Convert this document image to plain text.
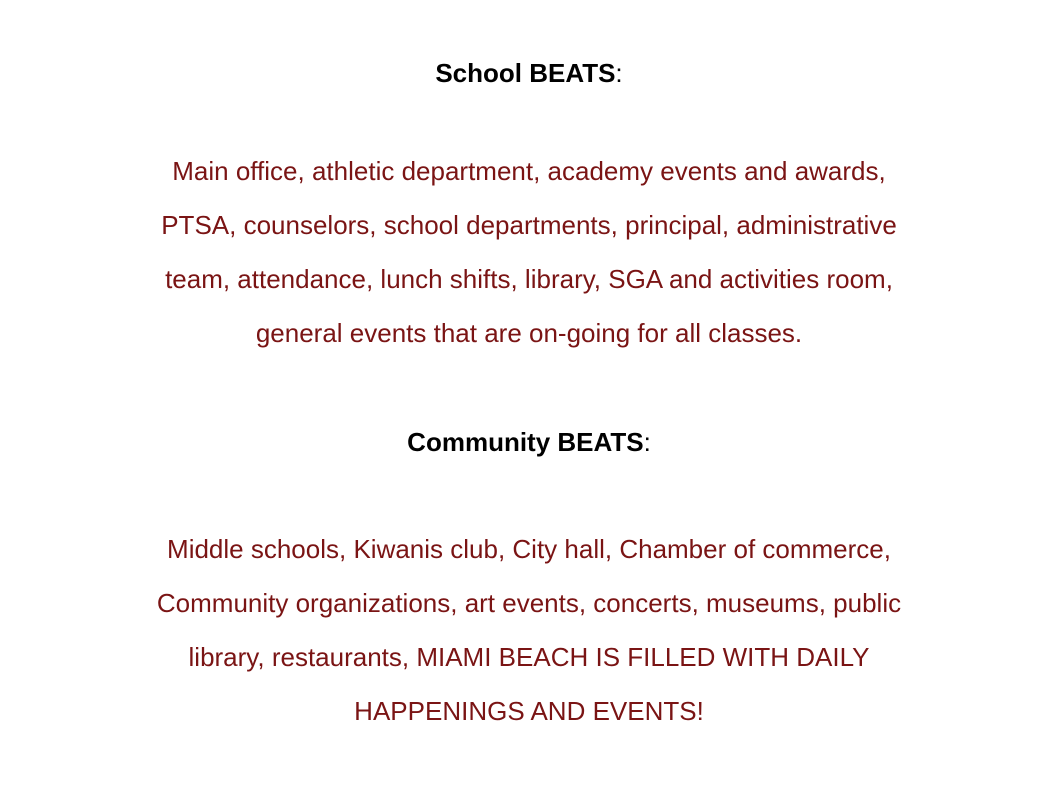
School BEATS:
Main office, athletic department, academy events and awards,
PTSA, counselors, school departments, principal, administrative
team, attendance, lunch shifts, library, SGA and activities room,
general events that are on-going for all classes.
Community BEATS:
Middle schools, Kiwanis club, City hall, Chamber of commerce,
Community organizations, art events, concerts, museums, public
library, restaurants, MIAMI BEACH IS FILLED WITH DAILY
HAPPENINGS AND EVENTS!
